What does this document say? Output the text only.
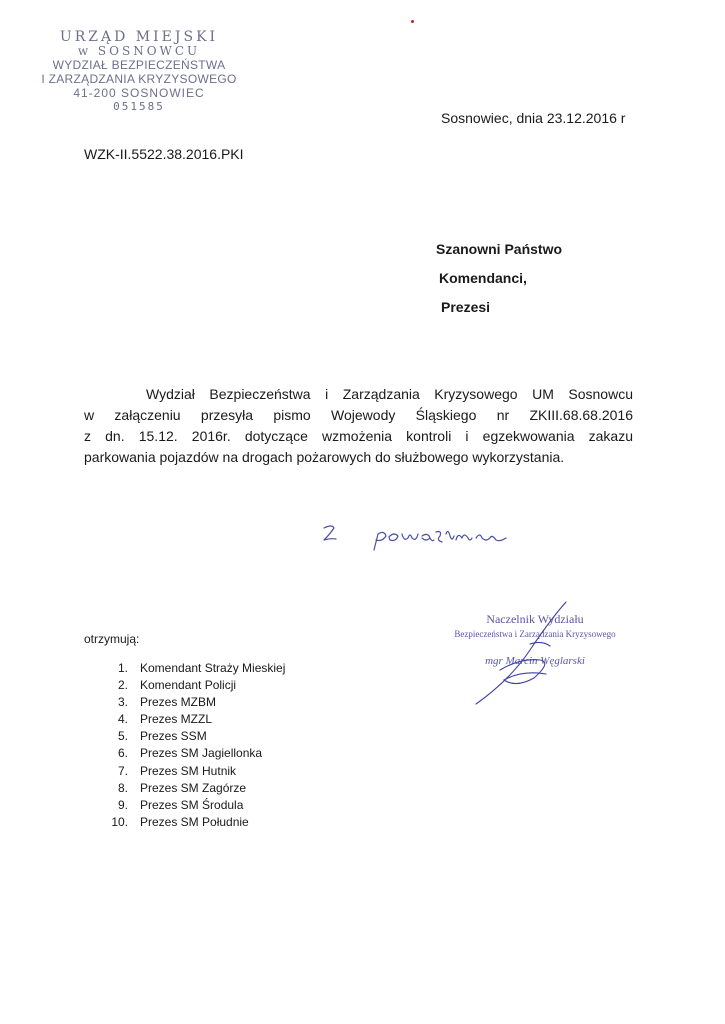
URZĄD MIEJSKI
w SOSNOWCU
WYDZIAŁ BEZPIECZEŃSTWA
I ZARZĄDZANIA KRYZYSOWEGO
41-200 SOSNOWIEC
051585
Sosnowiec, dnia 23.12.2016 r
WZK-II.5522.38.2016.PKI
Szanowni Państwo
Komendanci,
Prezesi
Wydział Bezpieczeństwa i Zarządzania Kryzysowego UM Sosnowcu
w załączeniu przesyła pismo Wojewody Śląskiego nr ZKIII.68.68.2016
z dn. 15.12. 2016r. dotyczące wzmożenia kontroli i egzekwowania zakazu
parkowania pojazdów na drogach pożarowych do służbowego wykorzystania.
Naczelnik Wydziału
Bezpieczeństwa i Zarządzania Kryzysowego
mgr Marcin Węglarski
otrzymują:
1. Komendant Straży Mieskiej
2. Komendant Policji
3. Prezes MZBM
4. Prezes MZZL
5. Prezes SSM
6. Prezes SM Jagiellonka
7. Prezes SM Hutnik
8. Prezes SM Zagórze
9. Prezes SM Środula
10. Prezes SM Południe
